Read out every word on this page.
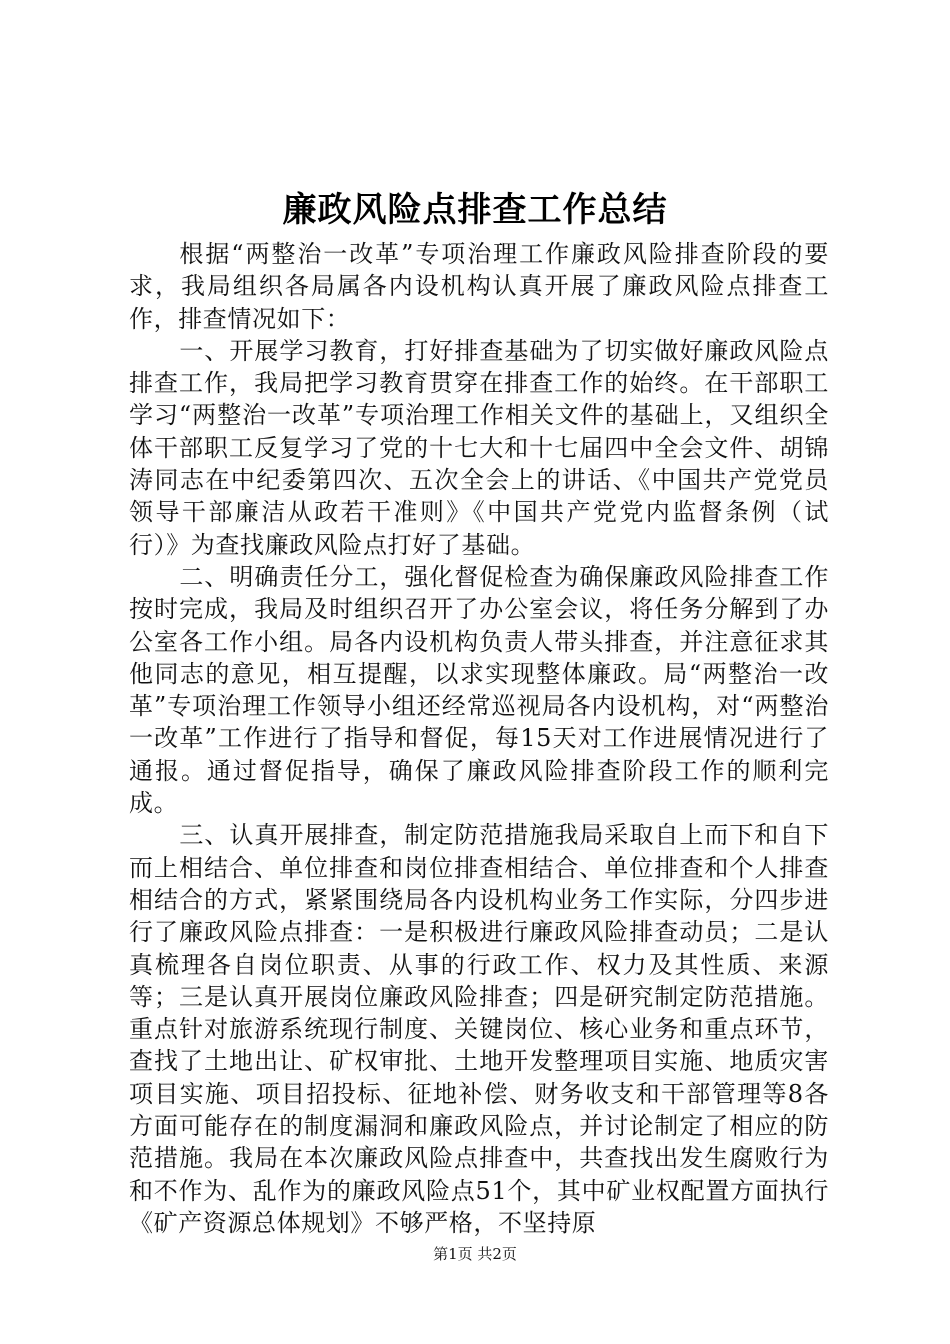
廉政风险点排查工作总结

根据“两整治一改革”专项治理工作廉政风险排查阶段的要求，我局组织各局属各内设机构认真开展了廉政风险点排查工作，排查情况如下：

一、开展学习教育，打好排查基础为了切实做好廉政风险点排查工作，我局把学习教育贯穿在排查工作的始终。在干部职工学习“两整治一改革”专项治理工作相关文件的基础上，又组织全体干部职工反复学习了党的十七大和十七届四中全会文件、胡锦涛同志在中纪委第四次、五次全会上的讲话、《中国共产党党员领导干部廉洁从政若干准则》《中国共产党党内监督条例（试行）》为查找廉政风险点打好了基础。

二、明确责任分工，强化督促检查为确保廉政风险排查工作按时完成，我局及时组织召开了办公室会议，将任务分解到了办公室各工作小组。局各内设机构负责人带头排查，并注意征求其他同志的意见，相互提醒，以求实现整体廉政。局“两整治一改革”专项治理工作领导小组还经常巡视局各内设机构，对“两整治一改革”工作进行了指导和督促，每15天对工作进展情况进行了通报。通过督促指导，确保了廉政风险排查阶段工作的顺利完成。

三、认真开展排查，制定防范措施我局采取自上而下和自下而上相结合、单位排查和岗位排查相结合、单位排查和个人排查相结合的方式，紧紧围绕局各内设机构业务工作实际，分四步进行了廉政风险点排查：一是积极进行廉政风险排查动员；二是认真梳理各自岗位职责、从事的行政工作、权力及其性质、来源等；三是认真开展岗位廉政风险排查；四是研究制定防范措施。重点针对旅游系统现行制度、关键岗位、核心业务和重点环节，查找了土地出让、矿权审批、土地开发整理项目实施、地质灾害项目实施、项目招投标、征地补偿、财务收支和干部管理等8各方面可能存在的制度漏洞和廉政风险点，并讨论制定了相应的防范措施。我局在本次廉政风险点排查中，共查找出发生腐败行为和不作为、乱作为的廉政风险点51个，其中矿业权配置方面执行《矿产资源总体规划》不够严格，不坚持原

第1页 共2页
